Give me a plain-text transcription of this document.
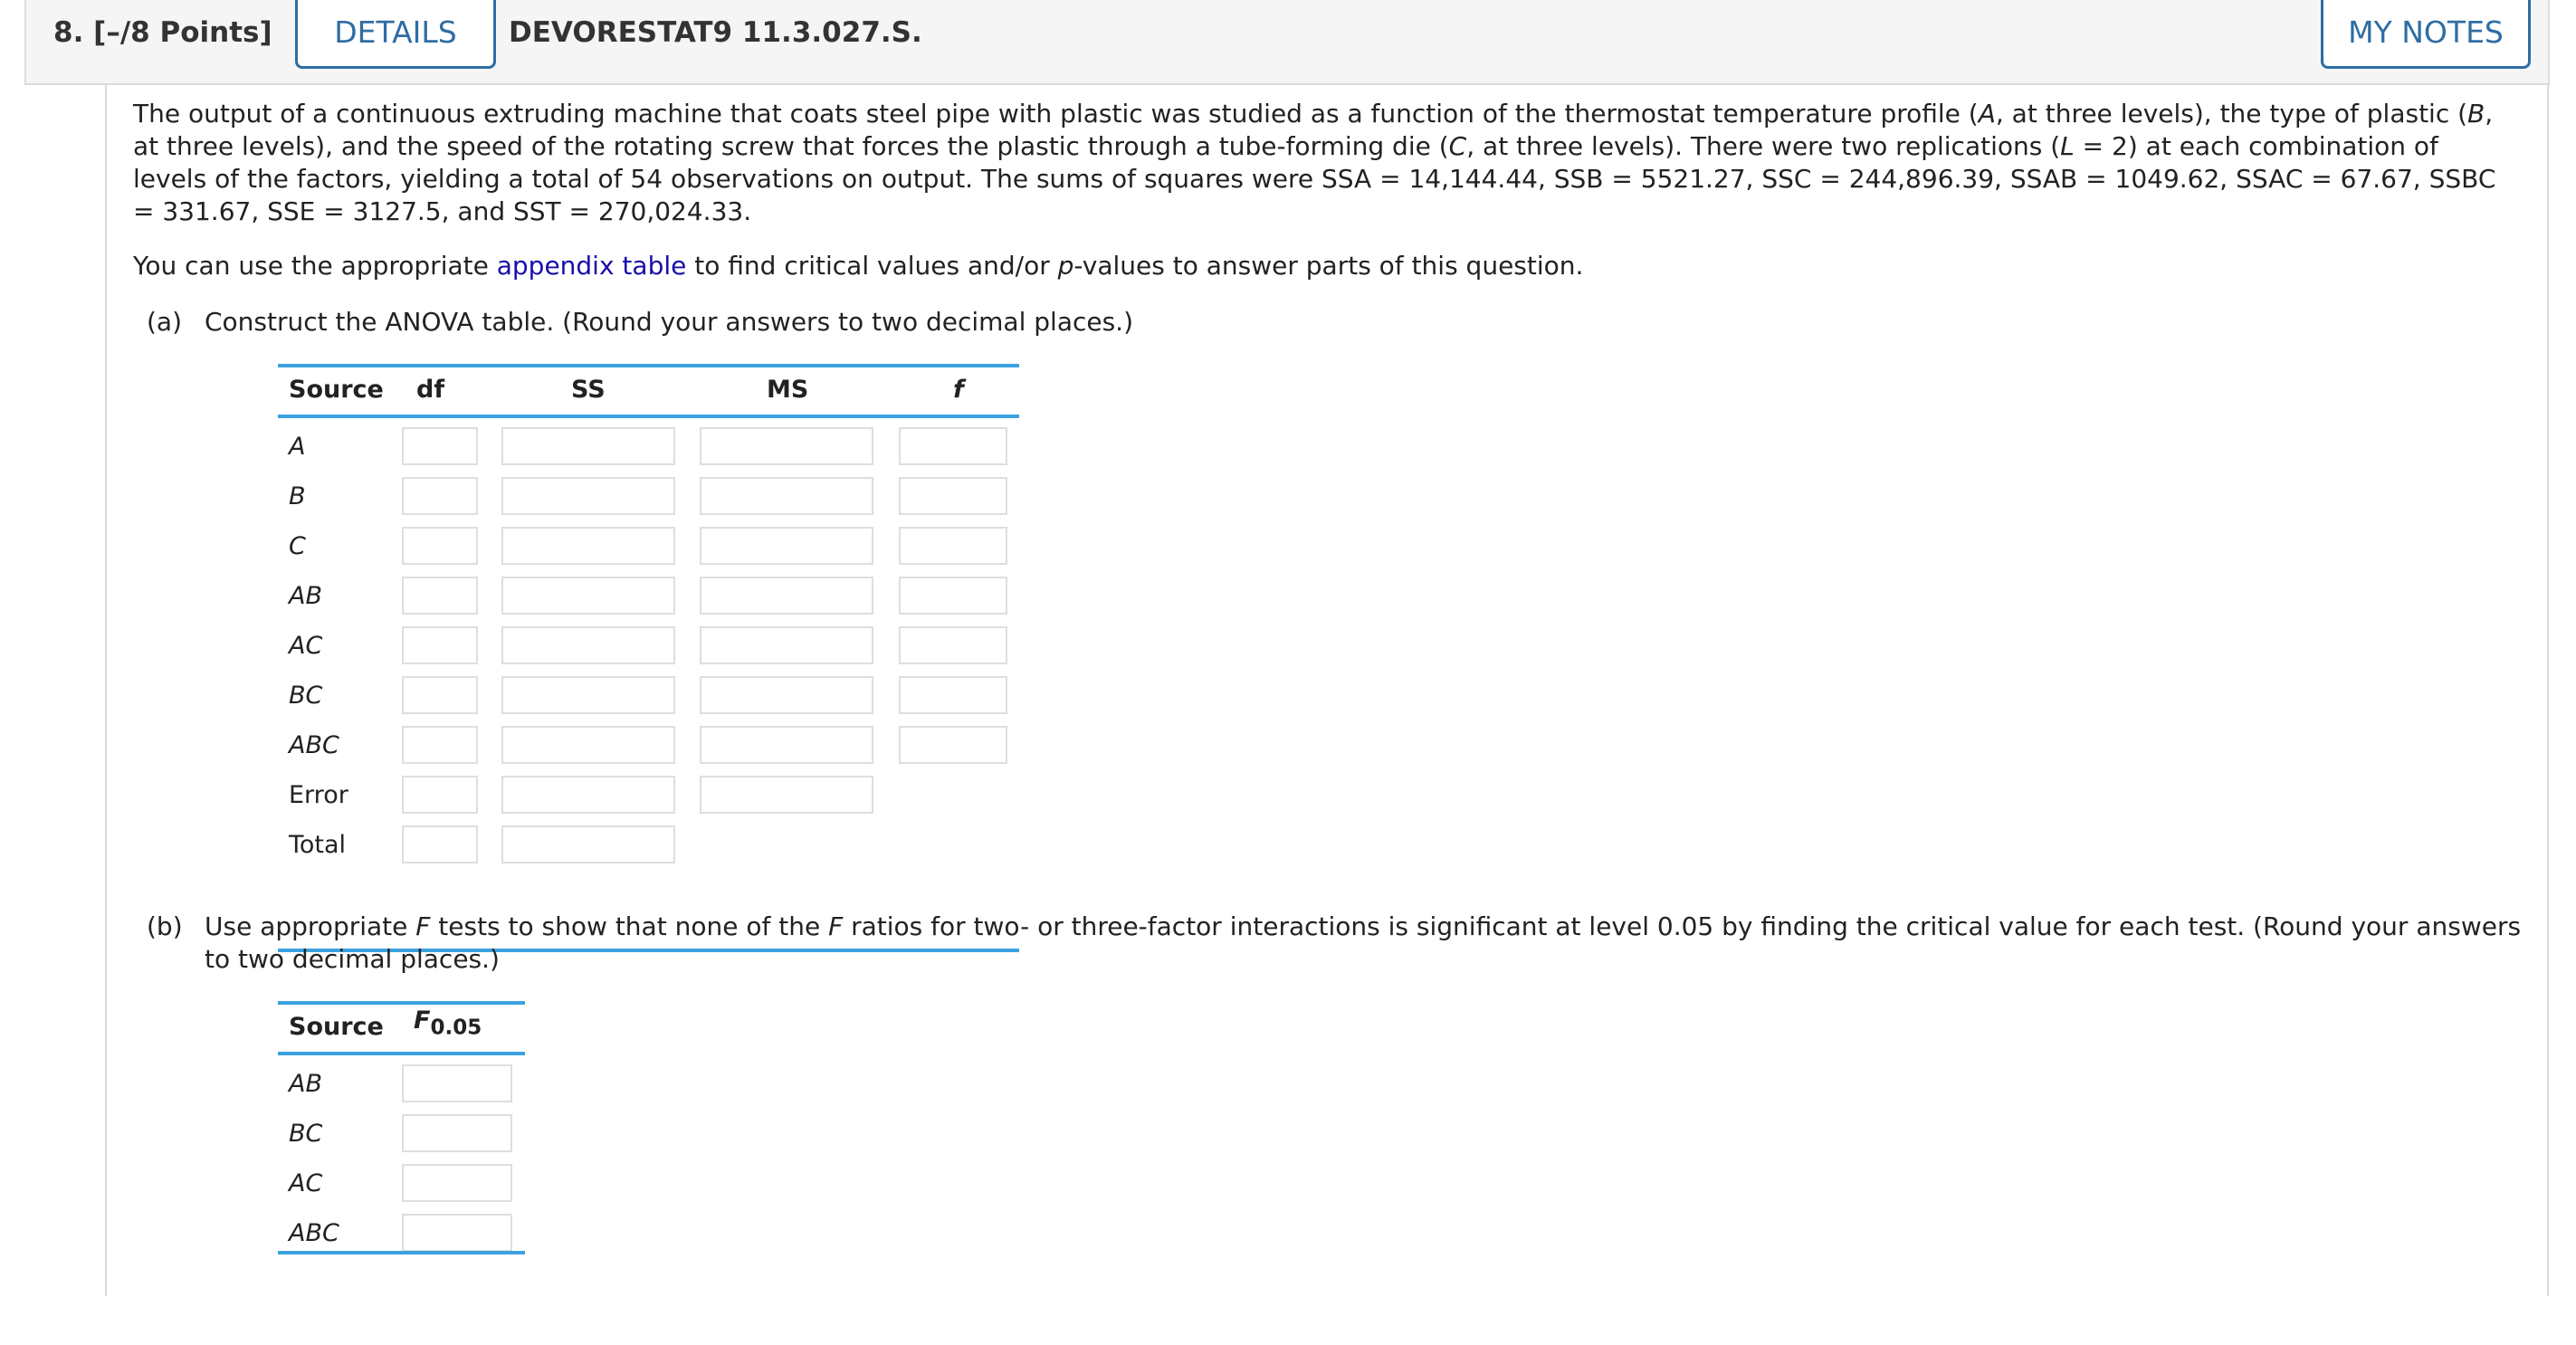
8. [–/8 Points]	DETAILS	DEVORESTAT9 11.3.027.S.	MY NOTES
The output of a continuous extruding machine that coats steel pipe with plastic was studied as a function of the thermostat temperature profile (A, at three levels), the type of plastic (B, at three levels), and the speed of the rotating screw that forces the plastic through a tube-forming die (C, at three levels). There were two replications (L = 2) at each combination of levels of the factors, yielding a total of 54 observations on output. The sums of squares were SSA = 14,144.44, SSB = 5521.27, SSC = 244,896.39, SSAB = 1049.62, SSAC = 67.67, SSBC = 331.67, SSE = 3127.5, and SST = 270,024.33.
You can use the appropriate appendix table to find critical values and/or p-values to answer parts of this question.
(a) Construct the ANOVA table. (Round your answers to two decimal places.)
Source df	SS	MS	f
A
B
C
AB
AC
BC
ABC
Error
Total
(b) Use appropriate F tests to show that none of the F ratios for two- or three-factor interactions is significant at level 0.05 by finding the critical value for each test. (Round your answers to two decimal places.)
Source $F_{0.05}$
AB
BC
AC
ABC
